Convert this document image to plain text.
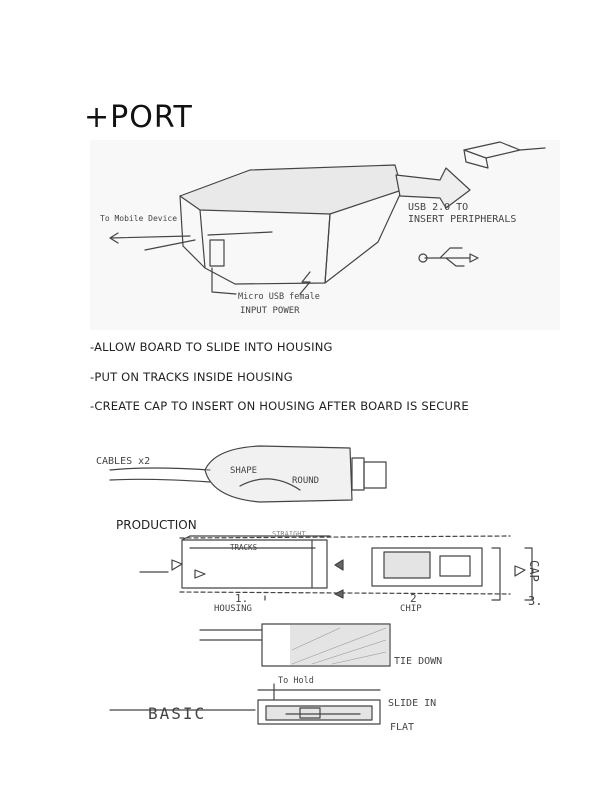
+PORT
To Mobile Device
USB 2.0 TO
INSERT PERIPHERALS
Micro USB female
INPUT POWER
-ALLOW BOARD TO SLIDE INTO HOUSING
-PUT ON TRACKS INSIDE HOUSING
-CREATE CAP TO INSERT ON HOUSING AFTER BOARD IS SECURE
CABLES x2
SHAPE
ROUND
PRODUCTION
STRAIGHT
TRACKS
1.
HOUSING
2
CHIP
CAP
3.
TIE DOWN
To Hold
SLIDE IN
BASIC
FLAT
